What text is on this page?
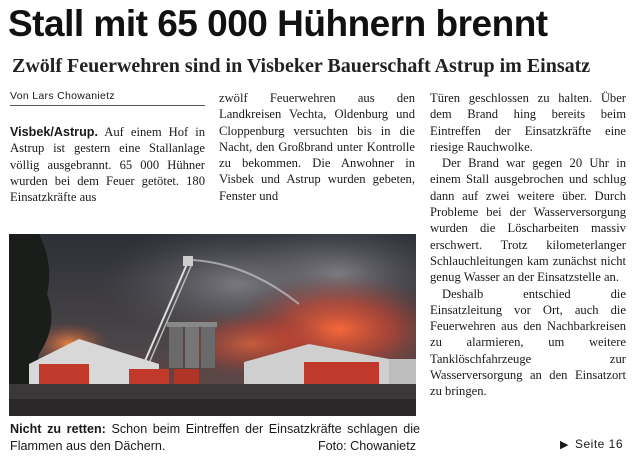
Stall mit 65 000 Hühnern brennt
Zwölf Feuerwehren sind in Visbeker Bauerschaft Astrup im Einsatz
Von Lars Chowanietz

Visbek/Astrup. Auf einem Hof in Astrup ist gestern eine Stallanlage völlig ausgebrannt. 65 000 Hühner wurden bei dem Feuer getötet. 180 Einsatzkräfte aus

zwölf Feuerwehren aus den Landkreisen Vechta, Oldenburg und Cloppenburg versuchten bis in die Nacht, den Großbrand unter Kontrolle zu bekommen. Die Anwohner in Visbek und Astrup wurden gebeten, Fenster und

Türen geschlossen zu halten. Über dem Brand hing bereits beim Eintreffen der Einsatzkräfte eine riesige Rauchwolke.

Der Brand war gegen 20 Uhr in einem Stall ausgebrochen und schlug dann auf zwei weitere über. Durch Probleme bei der Wasserversorgung wurden die Löscharbeiten massiv erschwert. Trotz kilometerlanger Schlauchleitungen kam zunächst nicht genug Wasser an der Einsatzstelle an.

Deshalb entschied die Einsatzleitung vor Ort, auch die Feuerwehren aus den Nachbarkreisen zu alarmieren, um weitere Tanklöschfahrzeuge zur Wasserversorgung an den Einsatzort zu bringen.

Nicht zu retten: Schon beim Eintreffen der Einsatzkräfte schlagen die Flammen aus den Dächern.	Foto: Chowanietz	▶ Seite 16
